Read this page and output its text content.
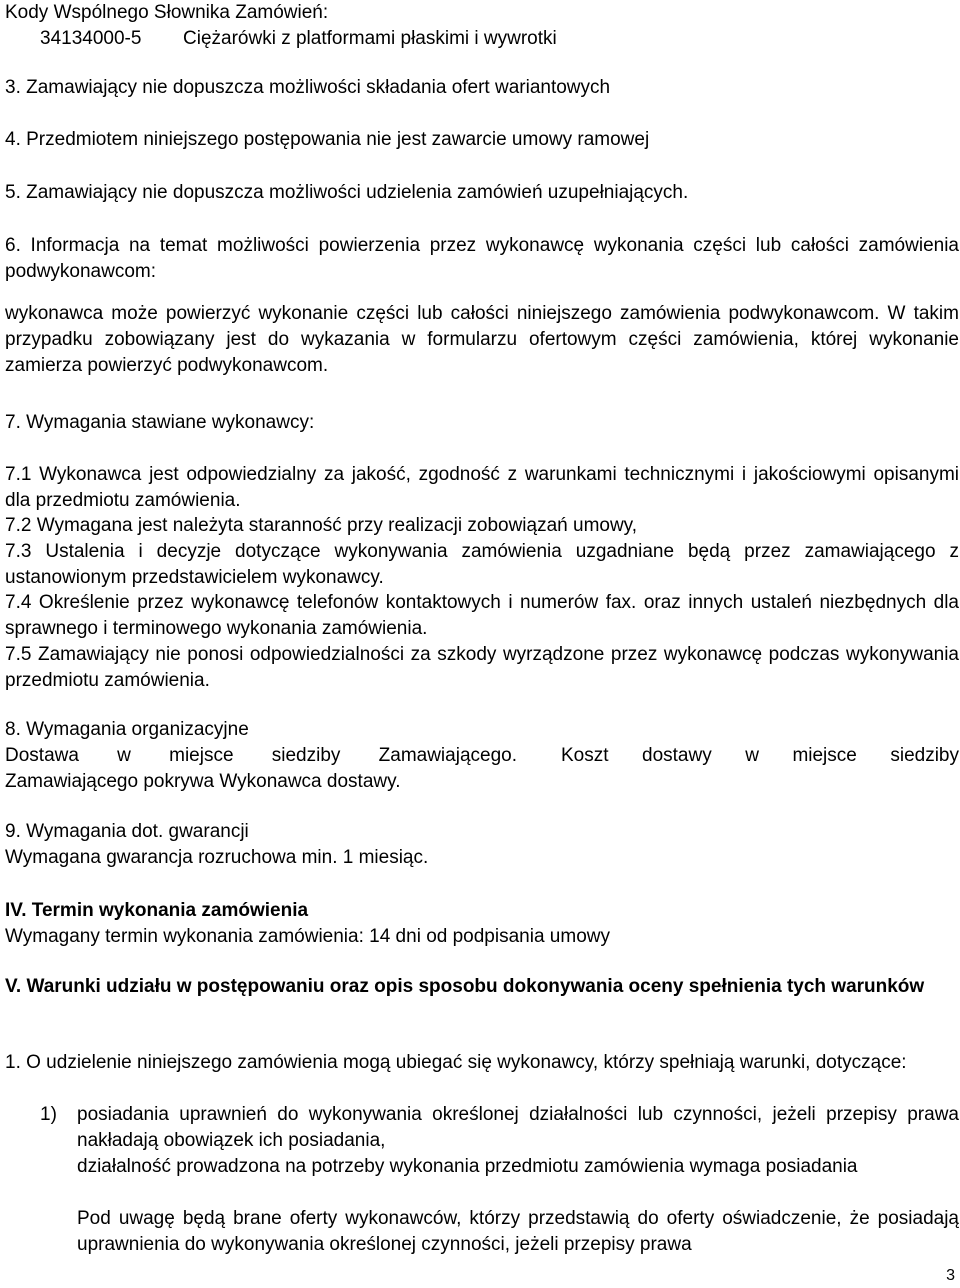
Kody Wspólnego Słownika Zamówień:

34134000-5 Ciężarówki z platformami płaskimi i wywrotki

3. Zamawiający nie dopuszcza możliwości składania ofert wariantowych

4. Przedmiotem niniejszego postępowania nie jest zawarcie umowy ramowej

5. Zamawiający nie dopuszcza możliwości udzielenia zamówień uzupełniających.

6. Informacja na temat możliwości powierzenia przez wykonawcę wykonania części lub całości zamówienia podwykonawcom:

wykonawca może powierzyć wykonanie części lub całości niniejszego zamówienia podwykonawcom. W takim przypadku zobowiązany jest do wykazania w formularzu ofertowym części zamówienia, której wykonanie zamierza powierzyć podwykonawcom.

7. Wymagania stawiane wykonawcy:

7.1 Wykonawca jest odpowiedzialny za jakość, zgodność z warunkami technicznymi i jakościowymi opisanymi dla przedmiotu zamówienia.

7.2 Wymagana jest należyta staranność przy realizacji zobowiązań umowy,

7.3 Ustalenia i decyzje dotyczące wykonywania zamówienia uzgadniane będą przez zamawiającego z ustanowionym przedstawicielem wykonawcy.

7.4 Określenie przez wykonawcę telefonów kontaktowych i numerów fax. oraz innych ustaleń niezbędnych dla sprawnego i terminowego wykonania zamówienia.

7.5 Zamawiający nie ponosi odpowiedzialności za szkody wyrządzone przez wykonawcę podczas wykonywania przedmiotu zamówienia.

8. Wymagania organizacyjne

Dostawa w miejsce siedziby Zamawiającego. Koszt dostawy w miejsce siedziby

Zamawiającego pokrywa Wykonawca dostawy.

9. Wymagania dot. gwarancji

Wymagana gwarancja rozruchowa min. 1 miesiąc.

IV. Termin wykonania zamówienia

Wymagany termin wykonania zamówienia: 14 dni od podpisania umowy

V. Warunki udziału w postępowaniu oraz opis sposobu dokonywania oceny spełnienia tych warunków

1. O udzielenie niniejszego zamówienia mogą ubiegać się wykonawcy, którzy spełniają warunki, dotyczące:

1)	posiadania uprawnień do wykonywania określonej działalności lub czynności, jeżeli przepisy prawa nakładają obowiązek ich posiadania,

działalność prowadzona na potrzeby wykonania przedmiotu zamówienia wymaga posiadania

Pod uwagę będą brane oferty wykonawców, którzy przedstawią do oferty oświadczenie, że posiadają uprawnienia do wykonywania określonej czynności, jeżeli przepisy prawa

3
